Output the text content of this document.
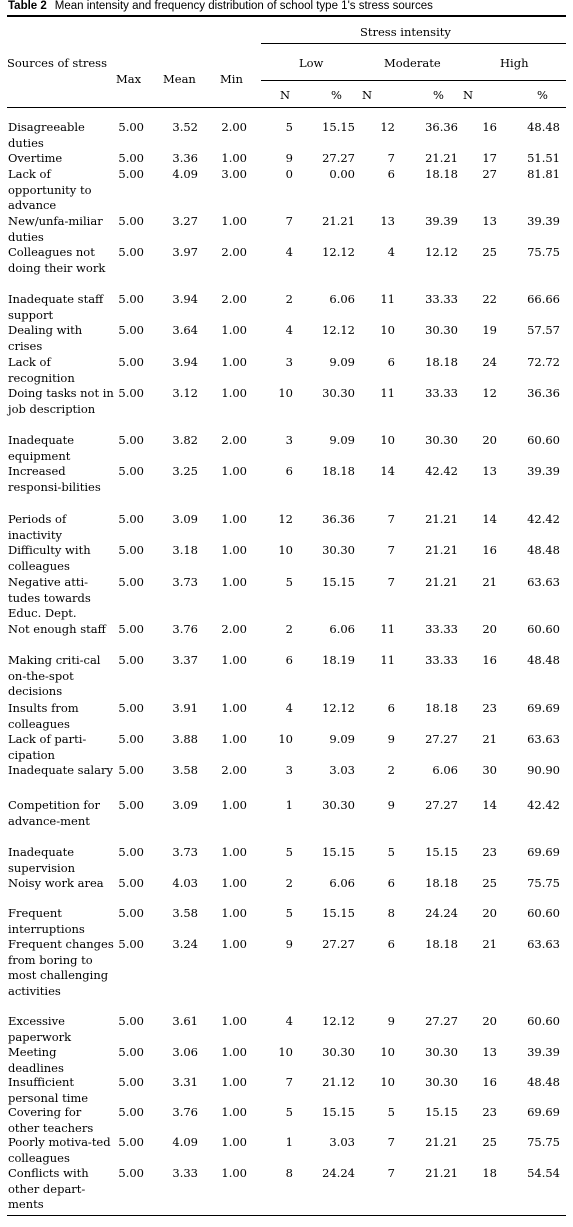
Table 2 Mean intensity and frequency distribution of school type 1's stress sources
Stress intensity
Sources of stress
Max Mean Min
Low	Moderate	High
N	% N	% N	%
Disagreeable duties
5.00	3.52	2.00	5	15.15	12	36.36	16	48.48
Overtime	5.00	3.36	1.00	9	27.27	7	21.21	17	51.51
Lack of opportunity to advance
5.00	4.09	3.00	0	0.00	6	18.18	27	81.81
New/unfa-miliar duties
5.00	3.27	1.00	7	21.21	13	39.39	13	39.39
Colleagues not doing their work
5.00	3.97	2.00	4	12.12	4	12.12	25	75.75
Inadequate staff support
5.00	3.94	2.00	2	6.06	11	33.33	22	66.66
Dealing with crises
5.00	3.64	1.00	4	12.12	10	30.30	19	57.57
Lack of recognition
5.00	3.94	1.00	3	9.09	6	18.18	24	72.72
Doing tasks not in job description
5.00	3.12	1.00	10	30.30	11	33.33	12	36.36
Inadequate equipment
5.00	3.82	2.00	3	9.09	10	30.30	20	60.60
Increased responsi-bilities
5.00	3.25	1.00	6	18.18	14	42.42	13	39.39
Periods of inactivity
5.00	3.09	1.00	12	36.36	7	21.21	14	42.42
Difficulty with colleagues
5.00	3.18	1.00	10	30.30	7	21.21	16	48.48
Negative atti-tudes towards Educ. Dept.
5.00	3.73	1.00	5	15.15	7	21.21	21	63.63
Not enough staff	5.00	3.76	2.00	2	6.06	11	33.33	20	60.60
Making criti-cal on-the-spot decisions
5.00	3.37	1.00	6	18.19	11	33.33	16	48.48
Insults from colleagues
5.00	3.91	1.00	4	12.12	6	18.18	23	69.69
Lack of parti-cipation
5.00	3.88	1.00	10	9.09	9	27.27	21	63.63
Inadequate salary 5.00	3.58	2.00	3	3.03	2	6.06	30	90.90
Competition for advance-ment
5.00	3.09	1.00	1	30.30	9	27.27	14	42.42
Inadequate supervision
5.00	3.73	1.00	5	15.15	5	15.15	23	69.69
Noisy work area	5.00	4.03	1.00	2	6.06	6	18.18	25	75.75
Frequent interruptions
5.00	3.58	1.00	5	15.15	8	24.24	20	60.60
Frequent changes from boring to most challenging activities
5.00	3.24	1.00	9	27.27	6	18.18	21	63.63
Excessive paperwork
5.00	3.61	1.00	4	12.12	9	27.27	20	60.60
Meeting deadlines
5.00	3.06	1.00	10	30.30	10	30.30	13	39.39
Insufficient personal time
5.00	3.31	1.00	7	21.12	10	30.30	16	48.48
Covering for other teachers
5.00	3.76	1.00	5	15.15	5	15.15	23	69.69
Poorly motiva-ted colleagues
5.00	4.09	1.00	1	3.03	7	21.21	25	75.75
Conflicts with other depart-ments
5.00	3.33	1.00	8	24.24	7	21.21	18	54.54
